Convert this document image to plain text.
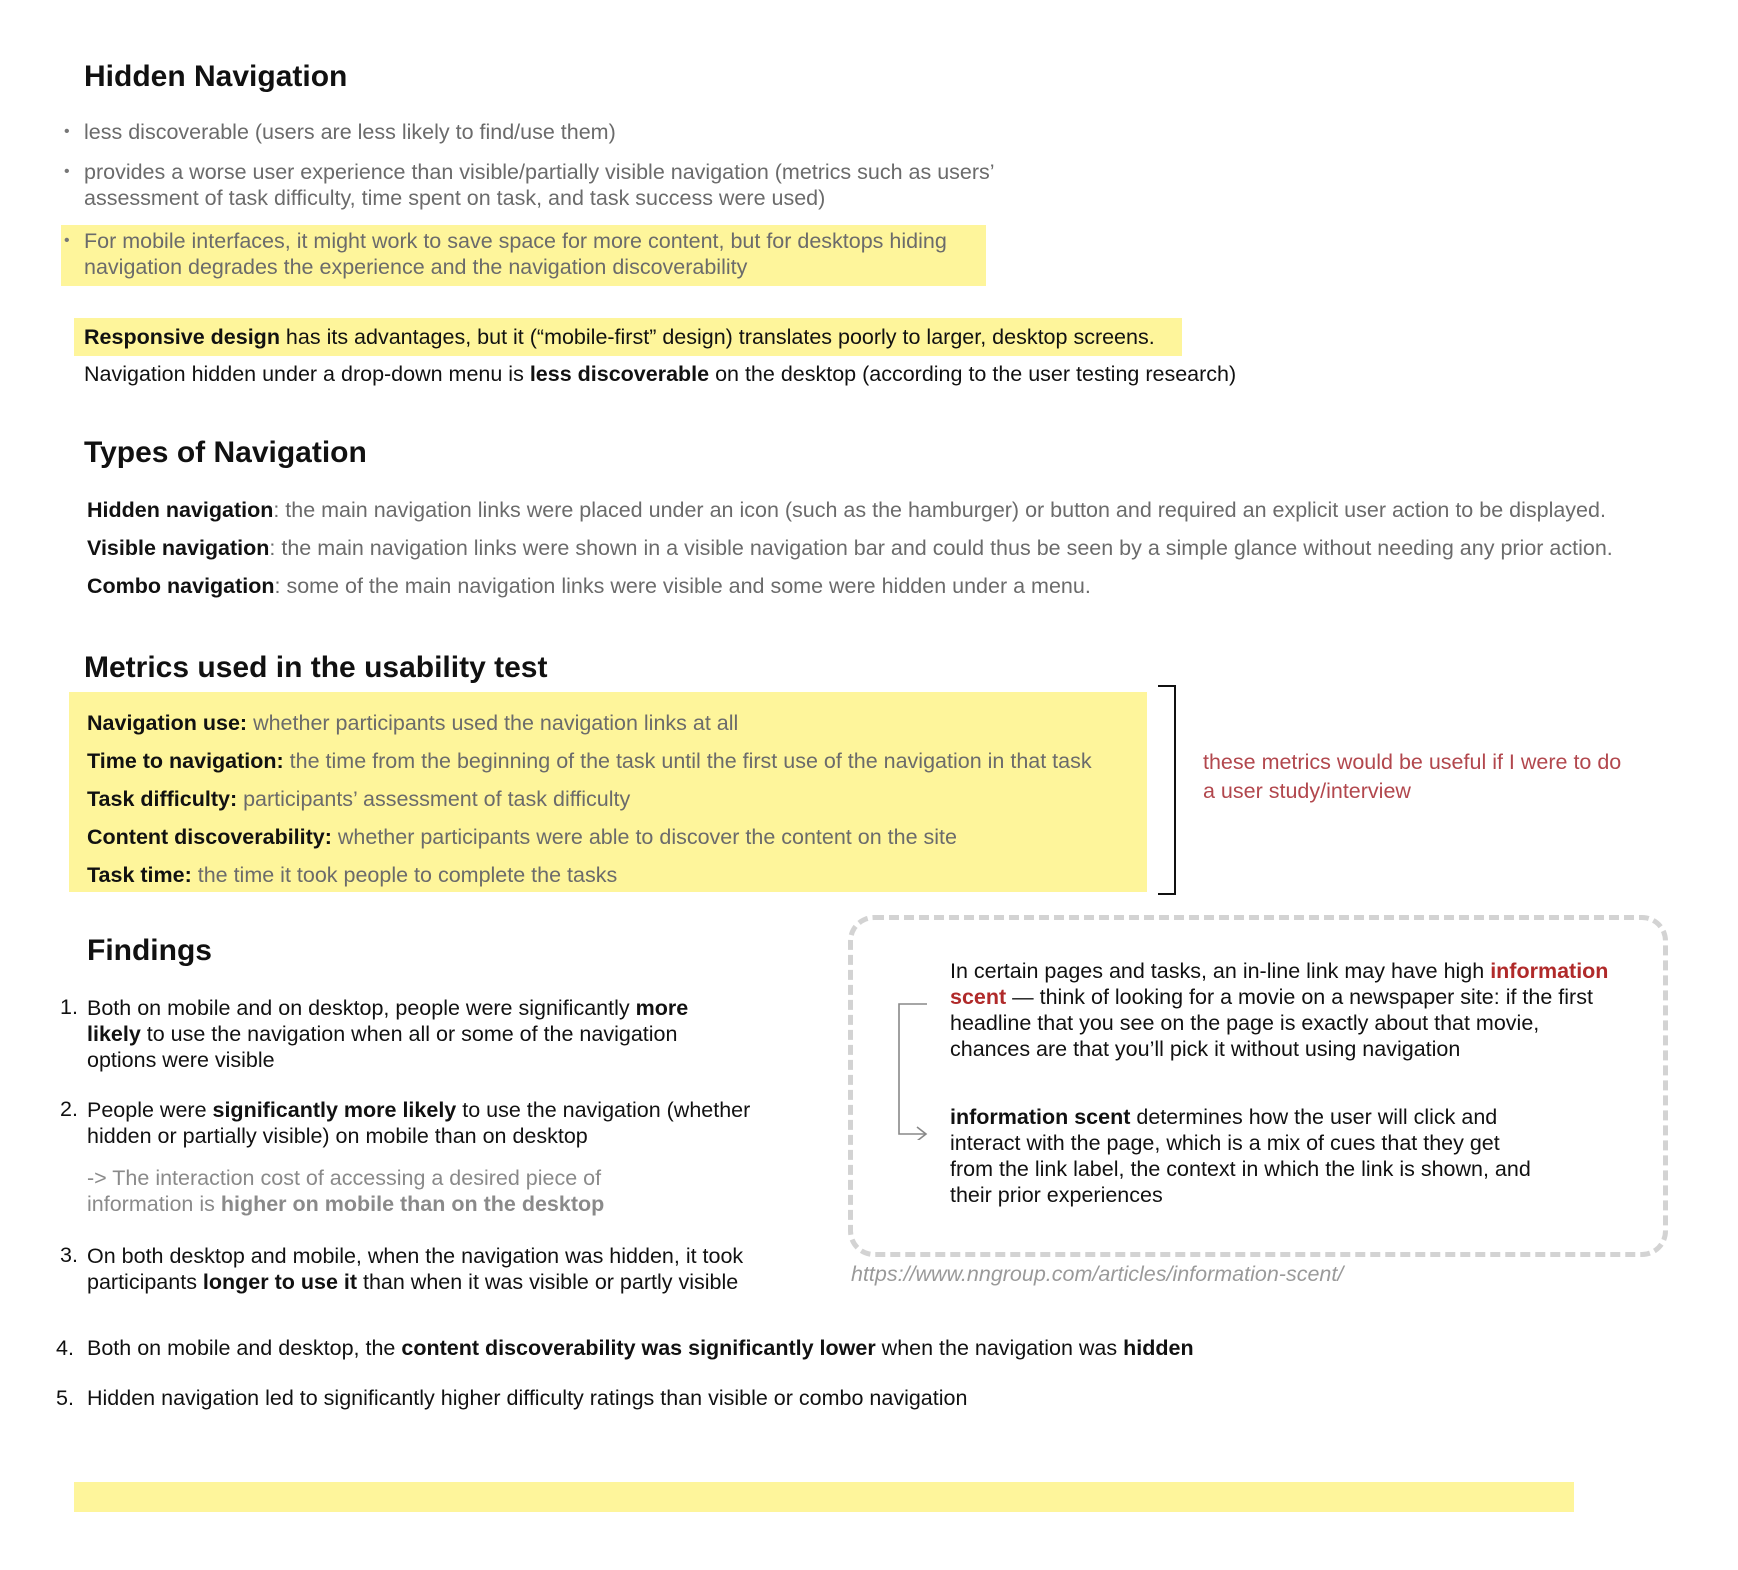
Hidden Navigation
• less discoverable (users are less likely to find/use them)
• provides a worse user experience than visible/partially visible navigation (metrics such as users’
assessment of task difficulty, time spent on task, and task success were used)
• For mobile interfaces, it might work to save space for more content, but for desktops hiding
navigation degrades the experience and the navigation discoverability
Responsive design has its advantages, but it (“mobile-first” design) translates poorly to larger, desktop screens.
Navigation hidden under a drop-down menu is less discoverable on the desktop (according to the user testing research)
Types of Navigation
Hidden navigation: the main navigation links were placed under an icon (such as the hamburger) or button and required an explicit user action to be displayed.
Visible navigation: the main navigation links were shown in a visible navigation bar and could thus be seen by a simple glance without needing any prior action.
Combo navigation: some of the main navigation links were visible and some were hidden under a menu.
Metrics used in the usability test
Navigation use: whether participants used the navigation links at all
Time to navigation: the time from the beginning of the task until the first use of the navigation in that task
Task difficulty: participants’ assessment of task difficulty
Content discoverability: whether participants were able to discover the content on the site
Task time: the time it took people to complete the tasks
these metrics would be useful if I were to do
a user study/interview
Findings
1. Both on mobile and on desktop, people were significantly more
likely to use the navigation when all or some of the navigation
options were visible
2. People were significantly more likely to use the navigation (whether
hidden or partially visible) on mobile than on desktop
-> The interaction cost of accessing a desired piece of
information is higher on mobile than on the desktop
3. On both desktop and mobile, when the navigation was hidden, it took
participants longer to use it than when it was visible or partly visible
4. Both on mobile and desktop, the content discoverability was significantly lower when the navigation was hidden
5. Hidden navigation led to significantly higher difficulty ratings than visible or combo navigation
In certain pages and tasks, an in-line link may have high information
scent — think of looking for a movie on a newspaper site: if the first
headline that you see on the page is exactly about that movie,
chances are that you’ll pick it without using navigation
information scent determines how the user will click and
interact with the page, which is a mix of cues that they get
from the link label, the context in which the link is shown, and
their prior experiences
https://www.nngroup.com/articles/information-scent/
